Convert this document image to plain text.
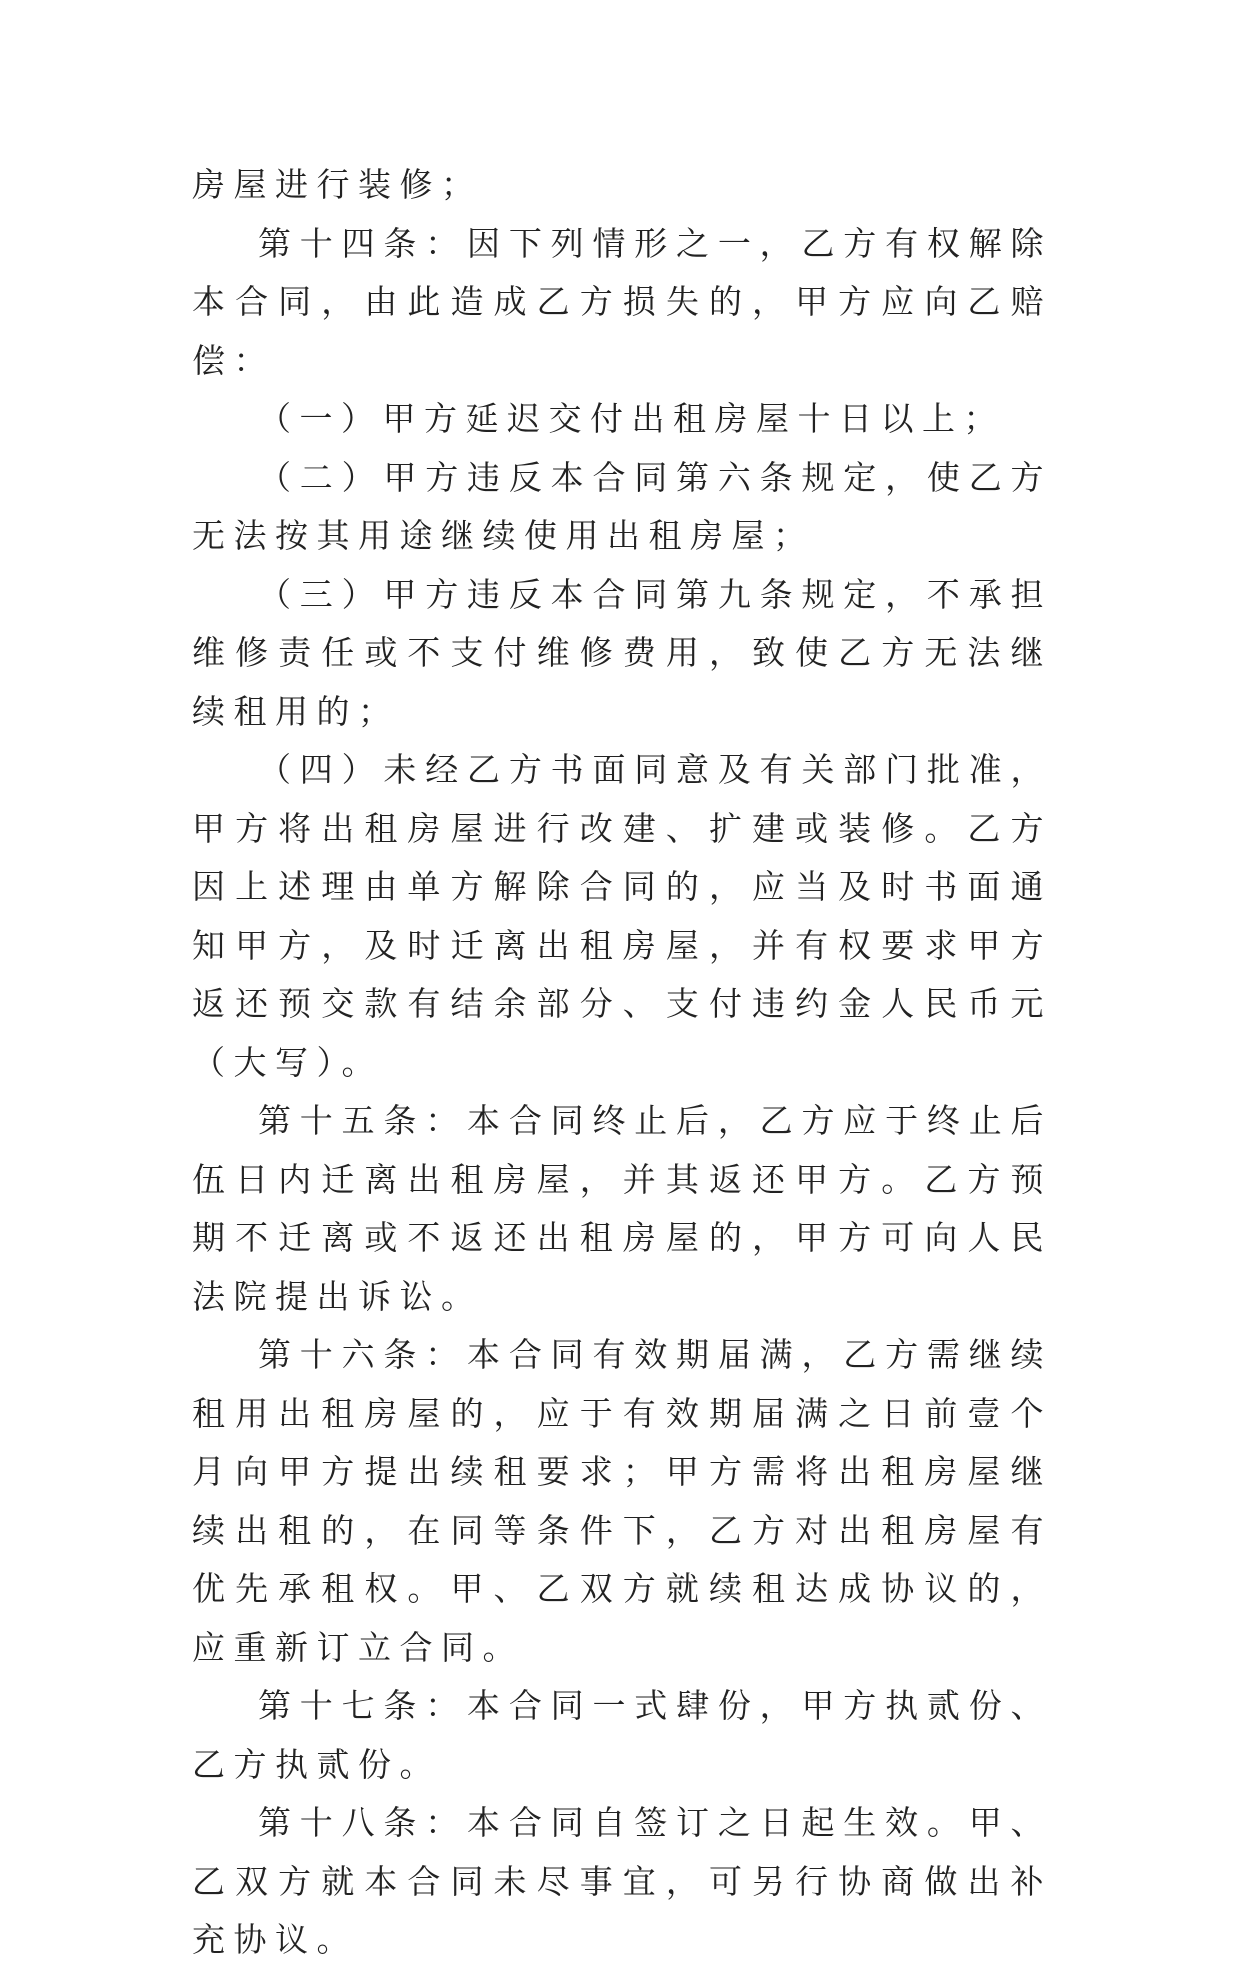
房屋进行装修；

第十四条：因下列情形之一，乙方有权解除本合同，由此造成乙方损失的，甲方应向乙赔偿：

（一）甲方延迟交付出租房屋十日以上；

（二）甲方违反本合同第六条规定，使乙方无法按其用途继续使用出租房屋；

（三）甲方违反本合同第九条规定，不承担维修责任或不支付维修费用，致使乙方无法继续租用的；

（四）未经乙方书面同意及有关部门批准，甲方将出租房屋进行改建、扩建或装修。乙方因上述理由单方解除合同的，应当及时书面通知甲方，及时迁离出租房屋，并有权要求甲方返还预交款有结余部分、支付违约金人民币元（大写）。

第十五条：本合同终止后，乙方应于终止后伍日内迁离出租房屋，并其返还甲方。乙方预期不迁离或不返还出租房屋的，甲方可向人民法院提出诉讼。

第十六条：本合同有效期届满，乙方需继续租用出租房屋的，应于有效期届满之日前壹个月向甲方提出续租要求；甲方需将出租房屋继续出租的，在同等条件下，乙方对出租房屋有优先承租权。甲、乙双方就续租达成协议的，应重新订立合同。

第十七条：本合同一式肆份，甲方执贰份、乙方执贰份。

第十八条：本合同自签订之日起生效。甲、乙双方就本合同未尽事宜，可另行协商做出补充协议。
